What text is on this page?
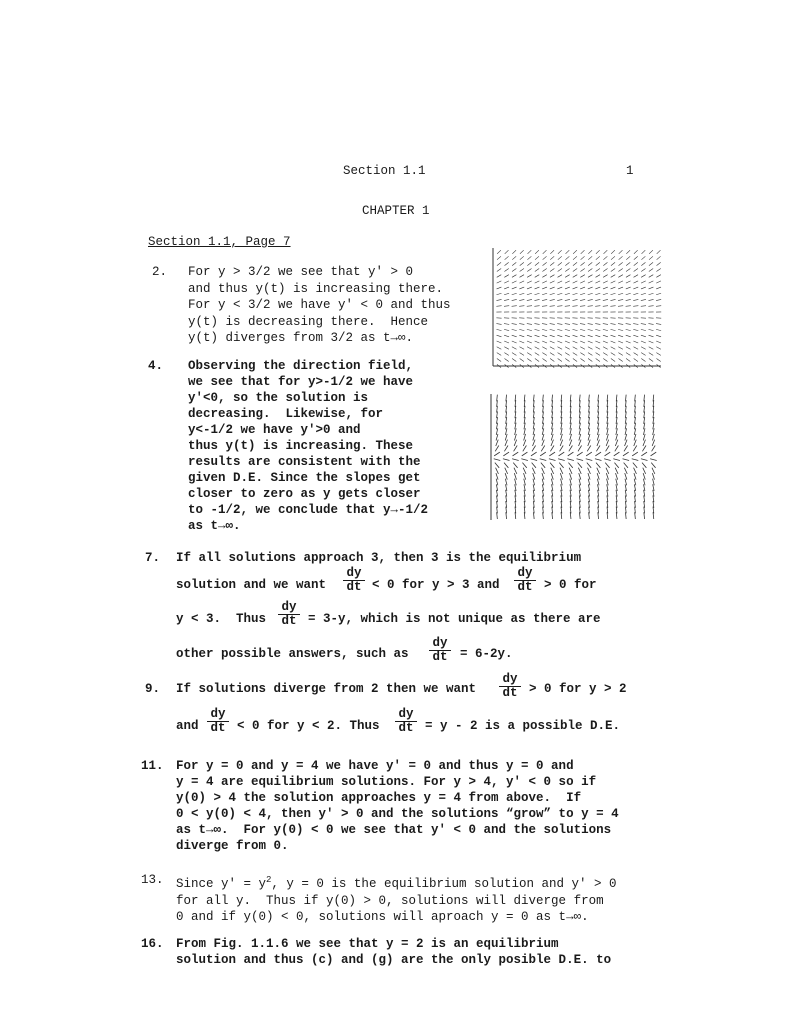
Section 1.1	1
CHAPTER 1
Section 1.1, Page 7
2. For y > 3/2 we see that y' > 0
and thus y(t) is increasing there.
For y < 3/2 we have y' < 0 and thus
y(t) is decreasing there.  Hence
y(t) diverges from 3/2 as t→∞.
4. Observing the direction field,
we see that for y>-1/2 we have
y'<0, so the solution is
decreasing.  Likewise, for
y<-1/2 we have y'>0 and
thus y(t) is increasing. These
results are consistent with the
given D.E. Since the slopes get
closer to zero as y gets closer
to -1/2, we conclude that y→-1/2
as t→∞.
7. If all solutions approach 3, then 3 is the equilibrium
solution and we want
dy
dt < 0 for y > 3 and
dy
dt > 0 for
y < 3.  Thus
dy
dt = 3-y, which is not unique as there are
other possible answers, such as
dy
dt	= 6-2y.
9. If solutions diverge from 2 then we want
dy
dt > 0 for y > 2
and
dy
dt < 0 for y < 2. Thus
dy
dt = y - 2 is a possible D.E.
11. For y = 0 and y = 4 we have y' = 0 and thus y = 0 and
y = 4 are equilibrium solutions. For y > 4, y' < 0 so if
y(0) > 4 the solution approaches y = 4 from above.  If
0 < y(0) < 4, then y' > 0 and the solutions “grow” to y = 4
as t→∞.  For y(0) < 0 we see that y' < 0 and the solutions
diverge from 0.
13. Since $y' = y^2$, y = 0 is the equilibrium solution and y' > 0
for all y.  Thus if y(0) > 0, solutions will diverge from
0 and if y(0) < 0, solutions will aproach y = 0 as t→∞.
16. From Fig. 1.1.6 we see that y = 2 is an equilibrium
solution and thus (c) and (g) are the only posible D.E. to
